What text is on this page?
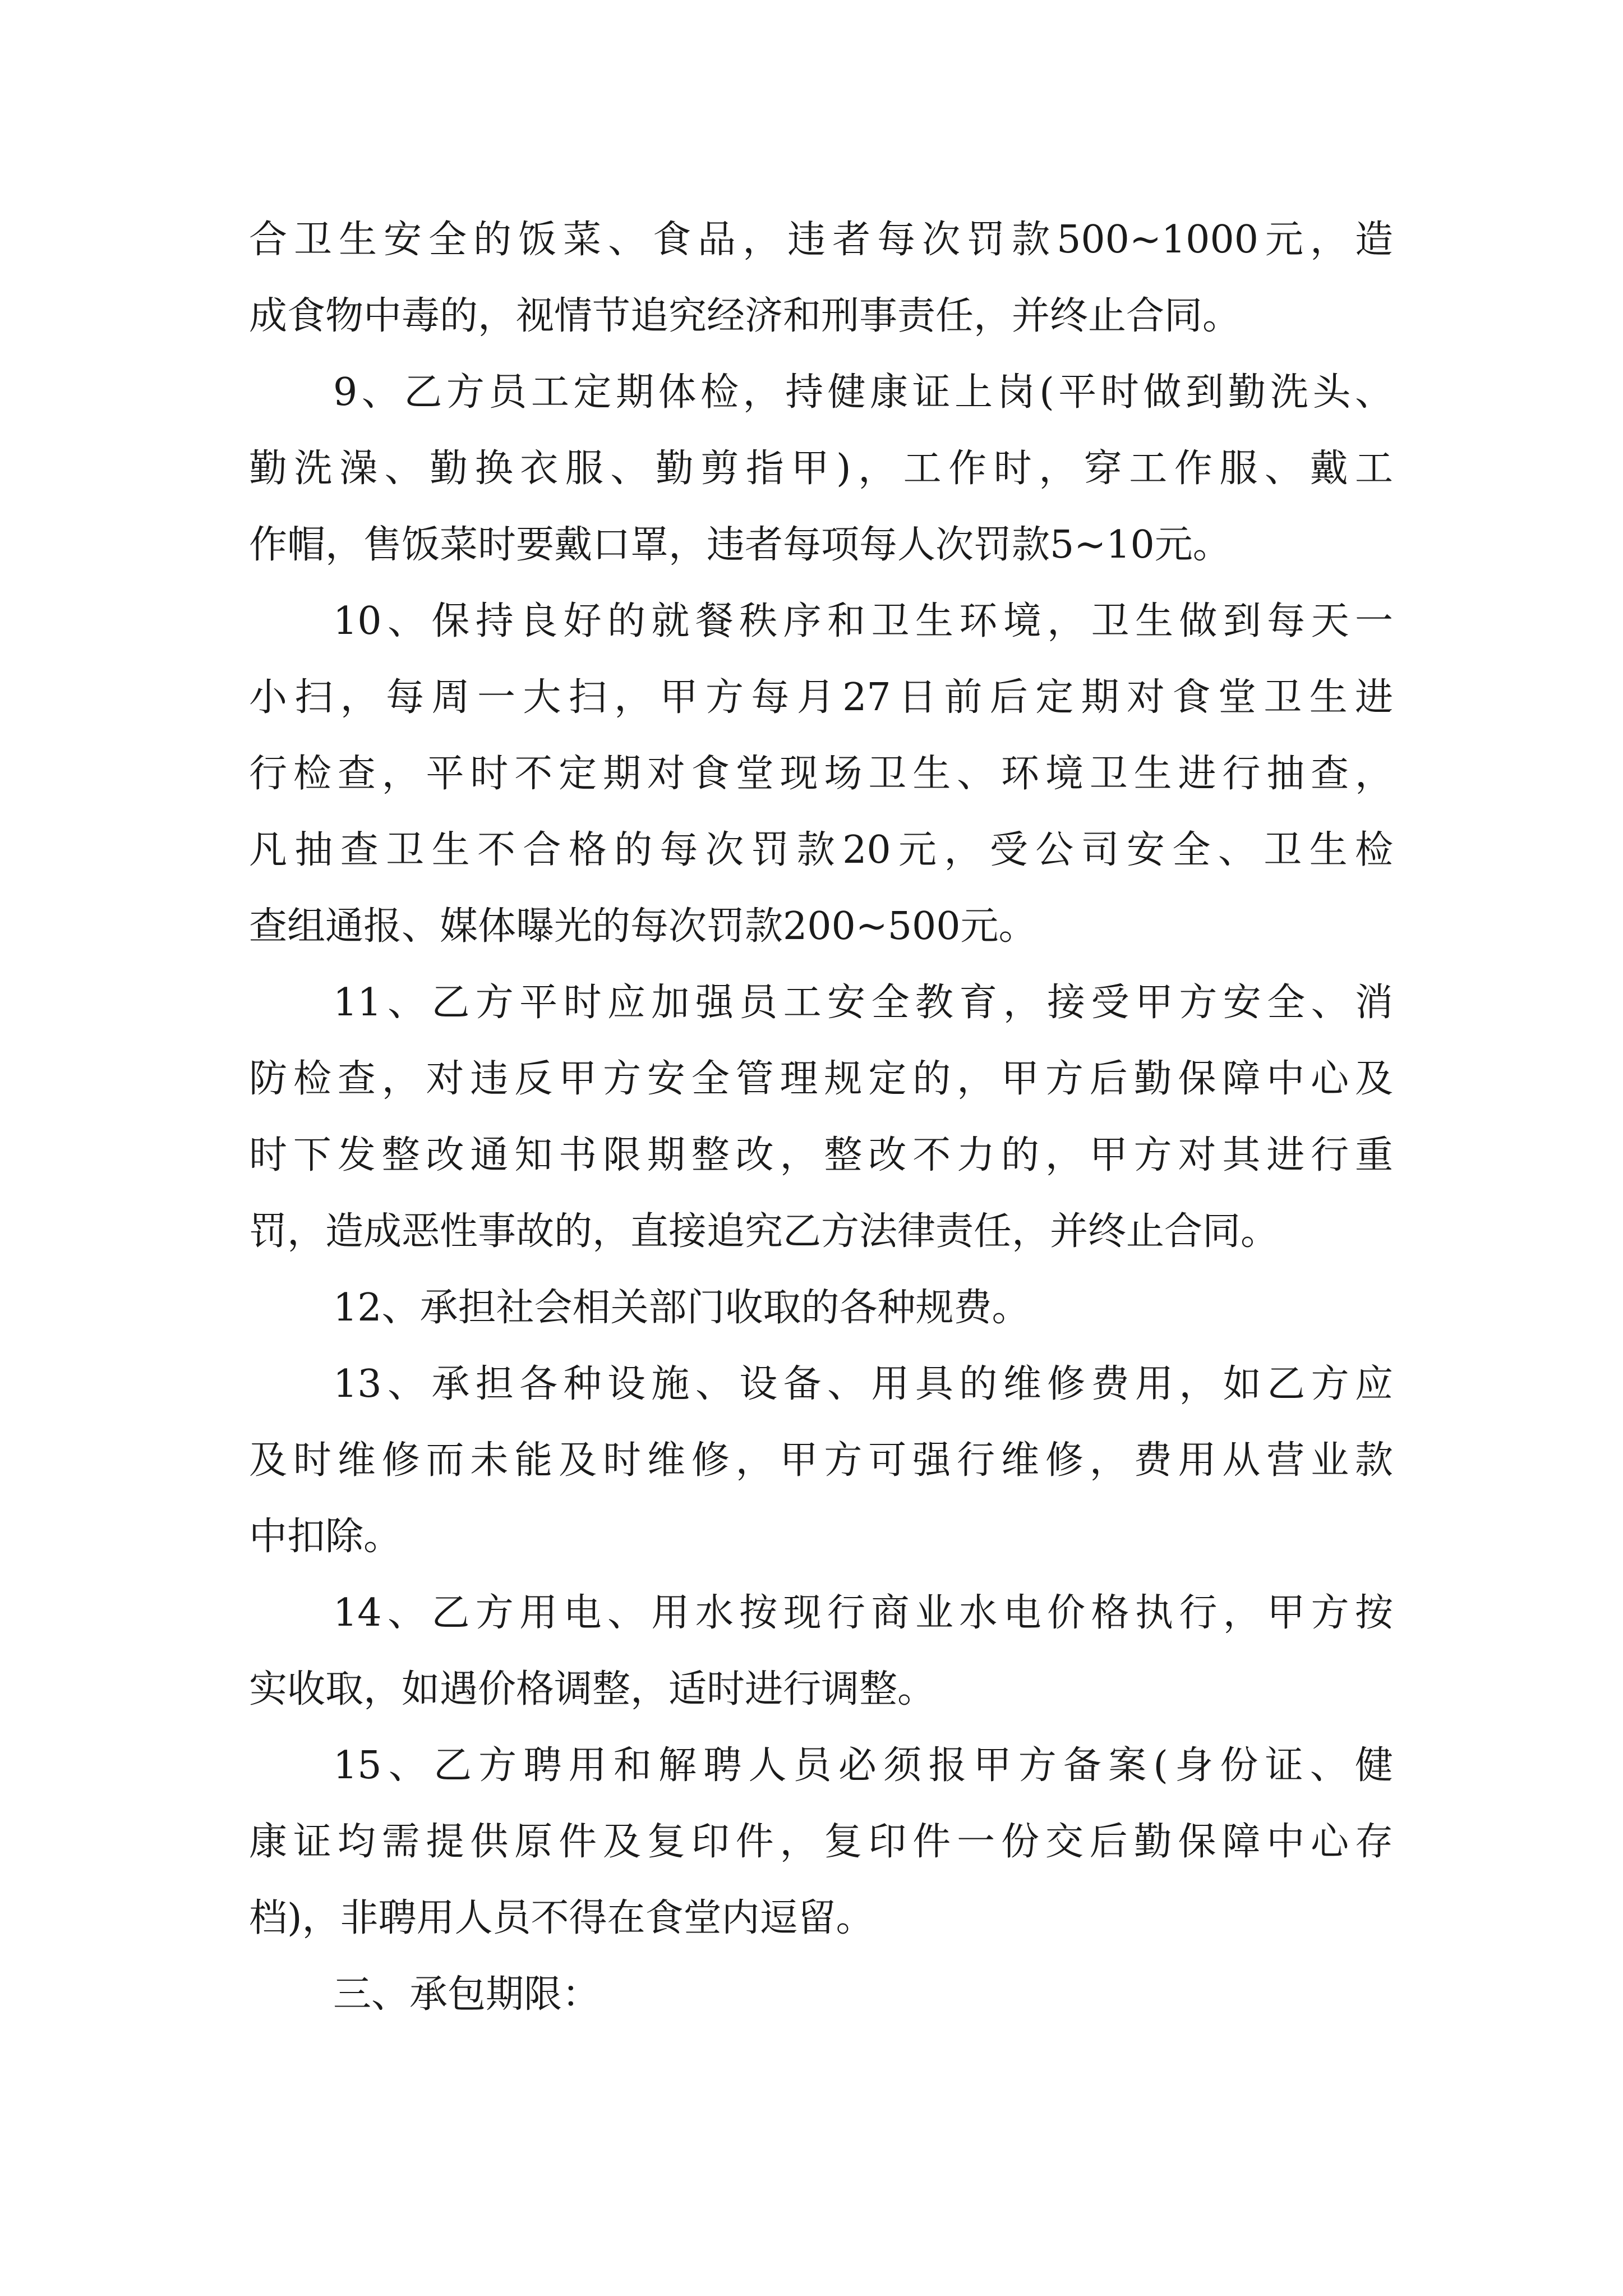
合卫生安全的饭菜、食品，违者每次罚款500~1000元，造
成食物中毒的，视情节追究经济和刑事责任，并终止合同。
9、乙方员工定期体检，持健康证上岗(平时做到勤洗头、
勤洗澡、勤换衣服、勤剪指甲)，工作时，穿工作服、戴工
作帽，售饭菜时要戴口罩，违者每项每人次罚款5~10元。
10、保持良好的就餐秩序和卫生环境，卫生做到每天一
小扫，每周一大扫，甲方每月27日前后定期对食堂卫生进
行检查，平时不定期对食堂现场卫生、环境卫生进行抽查，
凡抽查卫生不合格的每次罚款20元，受公司安全、卫生检
查组通报、媒体曝光的每次罚款200~500元。
11、乙方平时应加强员工安全教育，接受甲方安全、消
防检查，对违反甲方安全管理规定的，甲方后勤保障中心及
时下发整改通知书限期整改，整改不力的，甲方对其进行重
罚，造成恶性事故的，直接追究乙方法律责任，并终止合同。
12、承担社会相关部门收取的各种规费。
13、承担各种设施、设备、用具的维修费用，如乙方应
及时维修而未能及时维修，甲方可强行维修，费用从营业款
中扣除。
14、乙方用电、用水按现行商业水电价格执行，甲方按
实收取，如遇价格调整，适时进行调整。
15、乙方聘用和解聘人员必须报甲方备案(身份证、健
康证均需提供原件及复印件，复印件一份交后勤保障中心存
档)，非聘用人员不得在食堂内逗留。
三、承包期限：
